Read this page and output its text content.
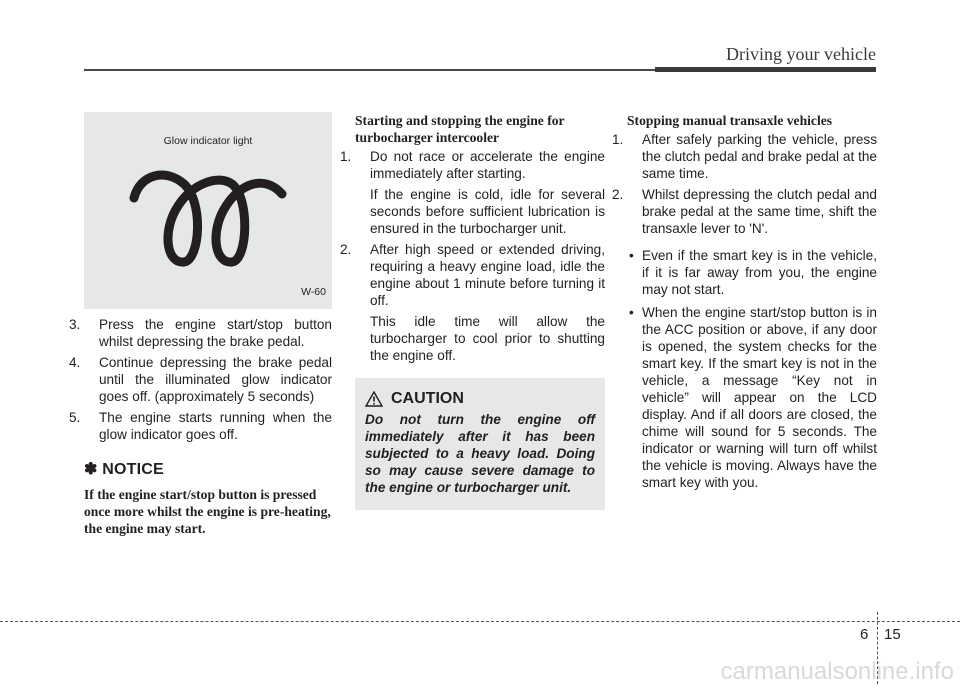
Driving your vehicle
Glow indicator light
W-60
3. Press the engine start/stop button whilst depressing the brake pedal.
4. Continue depressing the brake pedal until the illuminated glow indicator goes off. (approximately 5 seconds)
5. The engine starts running when the glow indicator goes off.
✽ NOTICE
If the engine start/stop button is pressed once more whilst the engine is pre-heating, the engine may start.
Starting and stopping the engine for turbocharger intercooler
1. Do not race or accelerate the engine immediately after starting.
If the engine is cold, idle for several seconds before sufficient lubrication is ensured in the turbocharger unit.
2. After high speed or extended driving, requiring a heavy engine load, idle the engine about 1 minute before turning it off.
This idle time will allow the turbocharger to cool prior to shutting the engine off.
CAUTION
Do not turn the engine off immediately after it has been subjected to a heavy load. Doing so may cause severe damage to the engine or turbocharger unit.
Stopping manual transaxle vehicles
1. After safely parking the vehicle, press the clutch pedal and brake pedal at the same time.
2. Whilst depressing the clutch pedal and brake pedal at the same time, shift the transaxle lever to 'N'.
• Even if the smart key is in the vehicle, if it is far away from you, the engine may not start.
• When the engine start/stop button is in the ACC position or above, if any door is opened, the system checks for the smart key. If the smart key is not in the vehicle, a message “Key not in vehicle” will appear on the LCD display. And if all doors are closed, the chime will sound for 5 seconds. The indicator or warning will turn off whilst the vehicle is moving. Always have the smart key with you.
6 15
carmanualsonline.info
